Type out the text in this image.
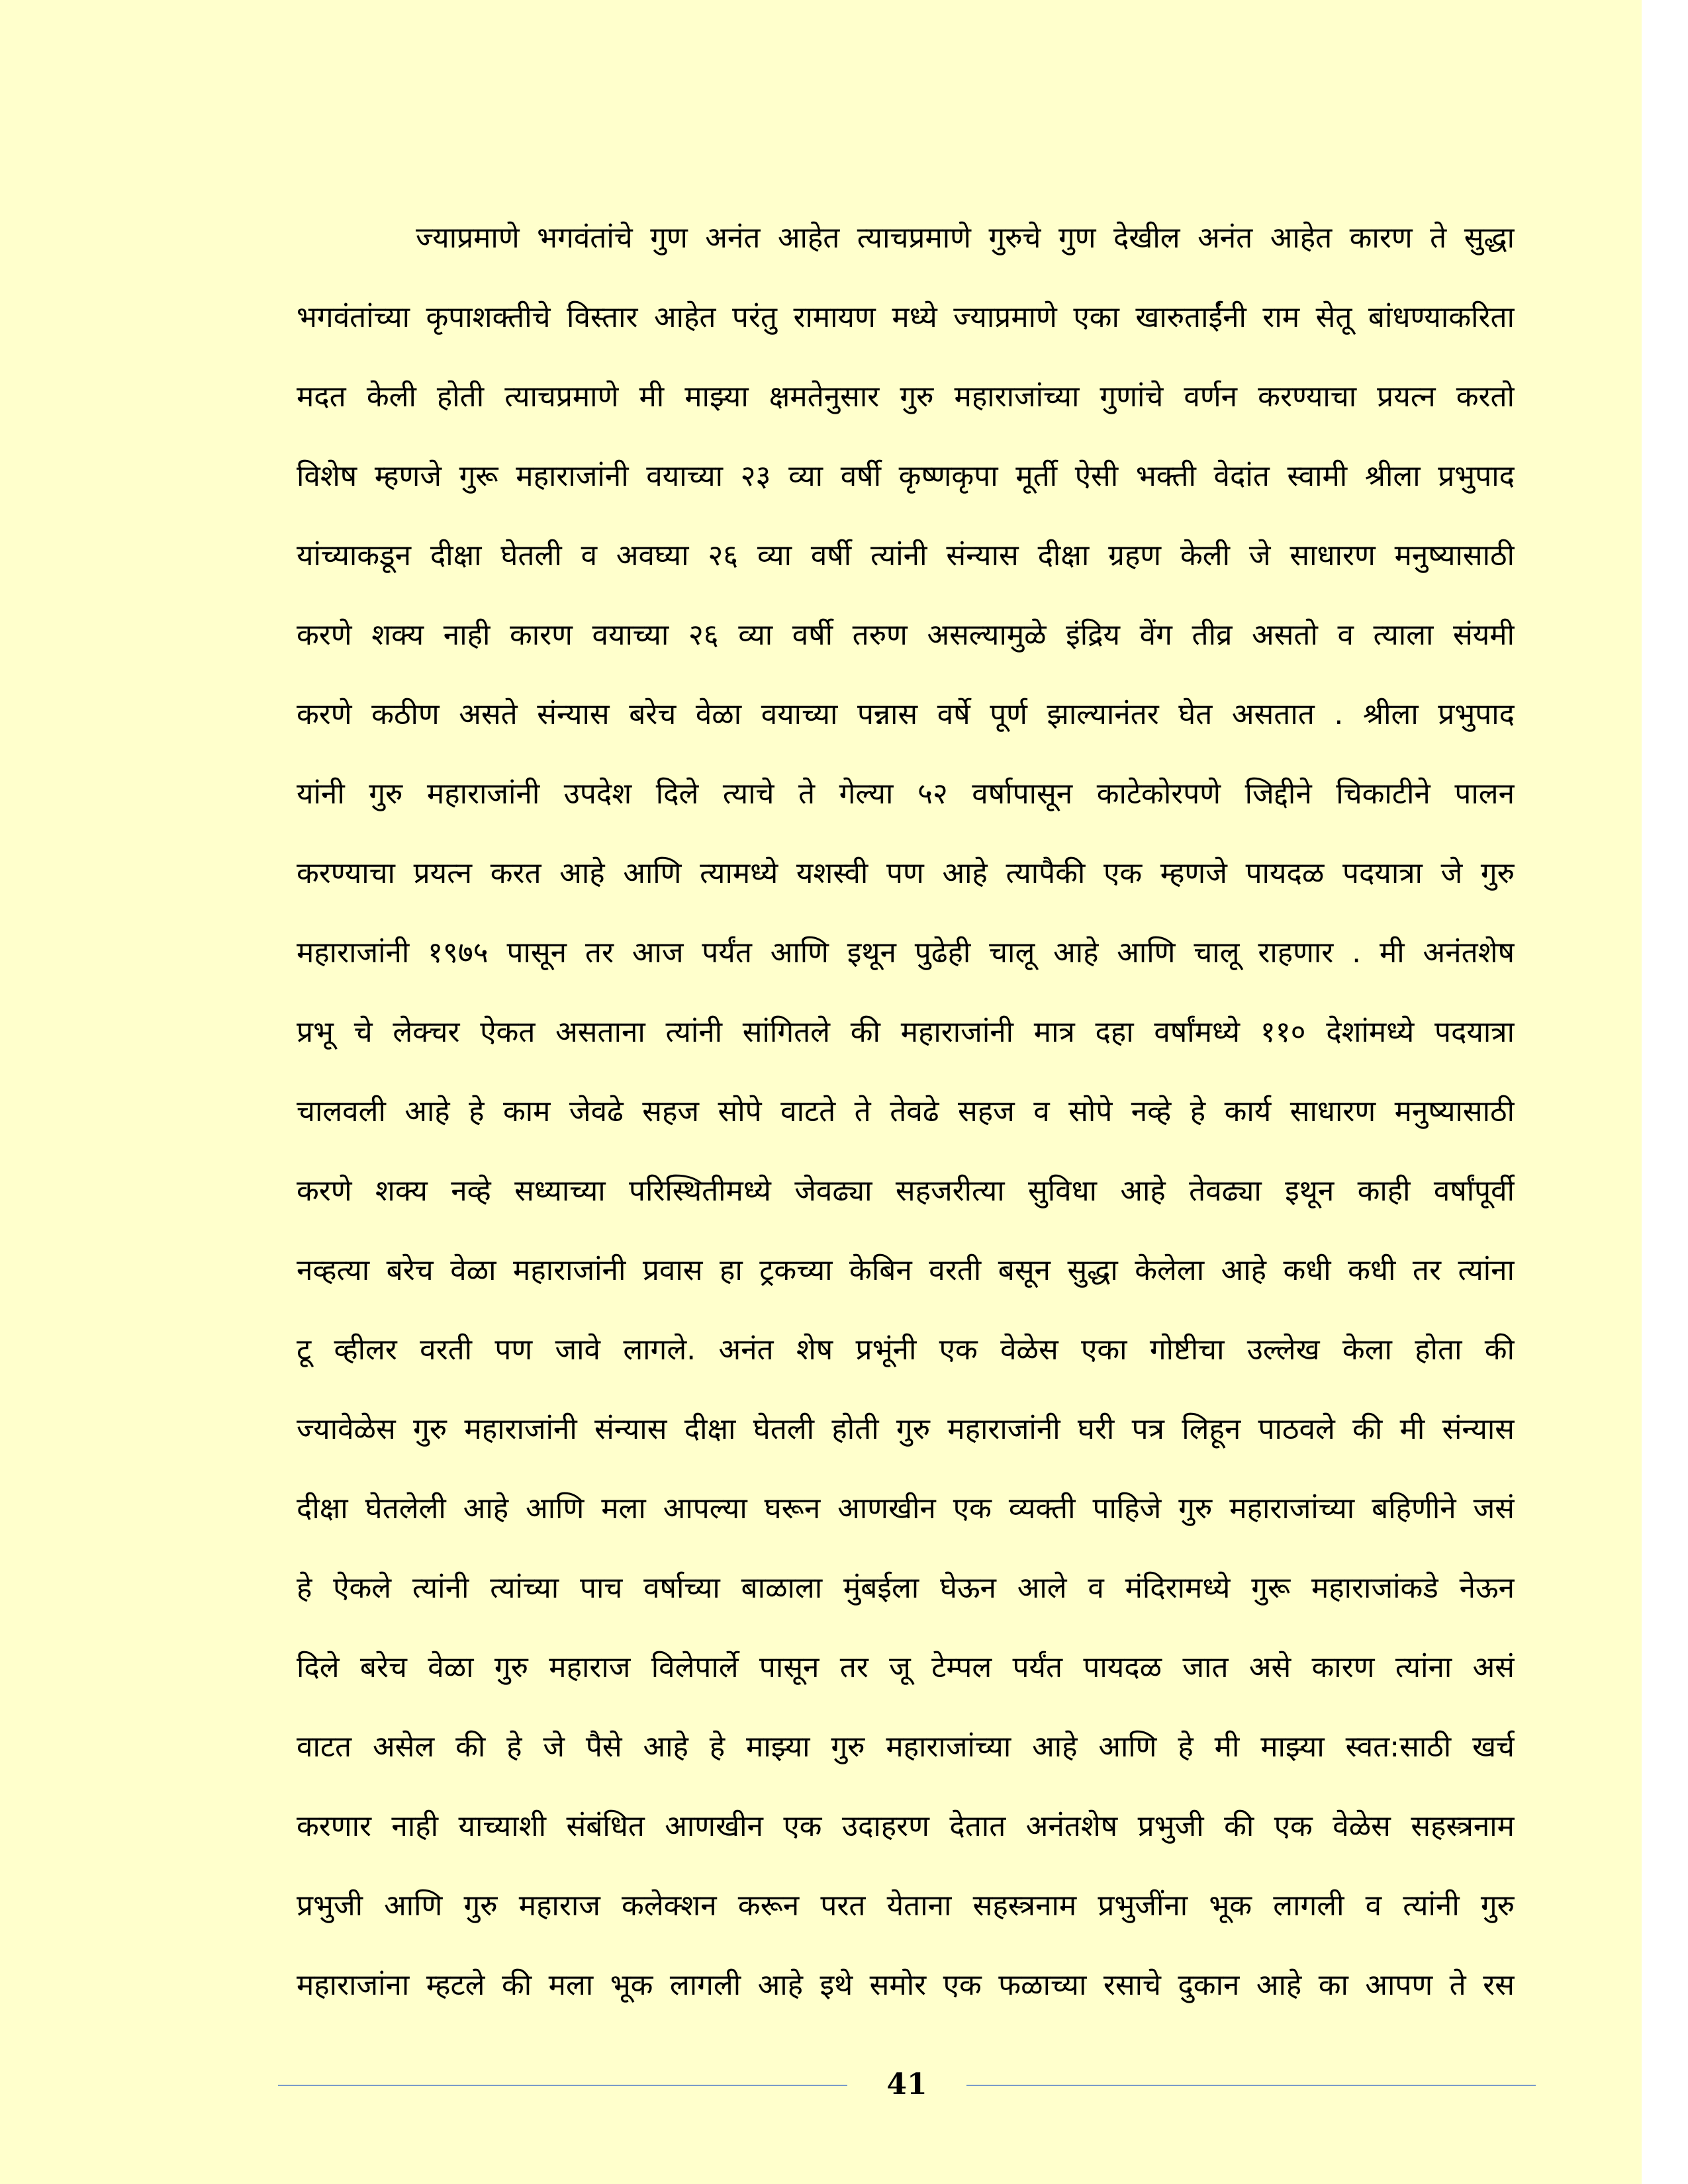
ज्याप्रमाणे भगवंतांचे गुण अनंत आहेत त्याचप्रमाणे गुरुचे गुण देखील अनंत आहेत कारण ते सुद्धा
भगवंतांच्या कृपाशक्तीचे विस्तार आहेत परंतु रामायण मध्ये ज्याप्रमाणे एका खारुताईंनी राम सेतू बांधण्याकरिता
मदत केली होती त्याचप्रमाणे मी माझ्या क्षमतेनुसार गुरु महाराजांच्या गुणांचे वर्णन करण्याचा प्रयत्न करतो
विशेष म्हणजे गुरू महाराजांनी वयाच्या २३ व्या वर्षी कृष्णकृपा मूर्ती ऐसी भक्ती वेदांत स्वामी श्रीला प्रभुपाद
यांच्याकडून दीक्षा घेतली व अवघ्या २६ व्या वर्षी त्यांनी संन्यास दीक्षा ग्रहण केली जे साधारण मनुष्यासाठी
करणे शक्य नाही कारण वयाच्या २६ व्या वर्षी तरुण असल्यामुळे इंद्रिय वेंग तीव्र असतो व त्याला संयमी
करणे कठीण असते संन्यास बरेच वेळा वयाच्या पन्नास वर्षे पूर्ण झाल्यानंतर घेत असतात . श्रीला प्रभुपाद
यांनी गुरु महाराजांनी उपदेश दिले त्याचे ते गेल्या ५२ वर्षापासून काटेकोरपणे जिद्दीने चिकाटीने पालन
करण्याचा प्रयत्न करत आहे आणि त्यामध्ये यशस्वी पण आहे त्यापैकी एक म्हणजे पायदळ पदयात्रा जे गुरु
महाराजांनी १९७५ पासून तर आज पर्यंत आणि इथून पुढेही चालू आहे आणि चालू राहणार . मी अनंतशेष
प्रभू चे लेक्चर ऐकत असताना त्यांनी सांगितले की महाराजांनी मात्र दहा वर्षांमध्ये ११० देशांमध्ये पदयात्रा
चालवली आहे हे काम जेवढे सहज सोपे वाटते ते तेवढे सहज व सोपे नव्हे हे कार्य साधारण मनुष्यासाठी
करणे शक्य नव्हे सध्याच्या परिस्थितीमध्ये जेवढ्या सहजरीत्या सुविधा आहे तेवढ्या इथून काही वर्षांपूर्वी
नव्हत्या बरेच वेळा महाराजांनी प्रवास हा ट्रकच्या केबिन वरती बसून सुद्धा केलेला आहे कधी कधी तर त्यांना
टू व्हीलर वरती पण जावे लागले. अनंत शेष प्रभूंनी एक वेळेस एका गोष्टीचा उल्लेख केला होता की
ज्यावेळेस गुरु महाराजांनी संन्यास दीक्षा घेतली होती गुरु महाराजांनी घरी पत्र लिहून पाठवले की मी संन्यास
दीक्षा घेतलेली आहे आणि मला आपल्या घरून आणखीन एक व्यक्ती पाहिजे गुरु महाराजांच्या बहिणीने जसं
हे ऐकले त्यांनी त्यांच्या पाच वर्षाच्या बाळाला मुंबईला घेऊन आले व मंदिरामध्ये गुरू महाराजांकडे नेऊन
दिले बरेच वेळा गुरु महाराज विलेपार्ले पासून तर जू टेम्पल पर्यंत पायदळ जात असे कारण त्यांना असं
वाटत असेल की हे जे पैसे आहे हे माझ्या गुरु महाराजांच्या आहे आणि हे मी माझ्या स्वत:साठी खर्च
करणार नाही याच्याशी संबंधित आणखीन एक उदाहरण देतात अनंतशेष प्रभुजी की एक वेळेस सहस्त्रनाम
प्रभुजी आणि गुरु महाराज कलेक्शन करून परत येताना सहस्त्रनाम प्रभुजींना भूक लागली व त्यांनी गुरु
महाराजांना म्हटले की मला भूक लागली आहे इथे समोर एक फळाच्या रसाचे दुकान आहे का आपण ते रस
41
